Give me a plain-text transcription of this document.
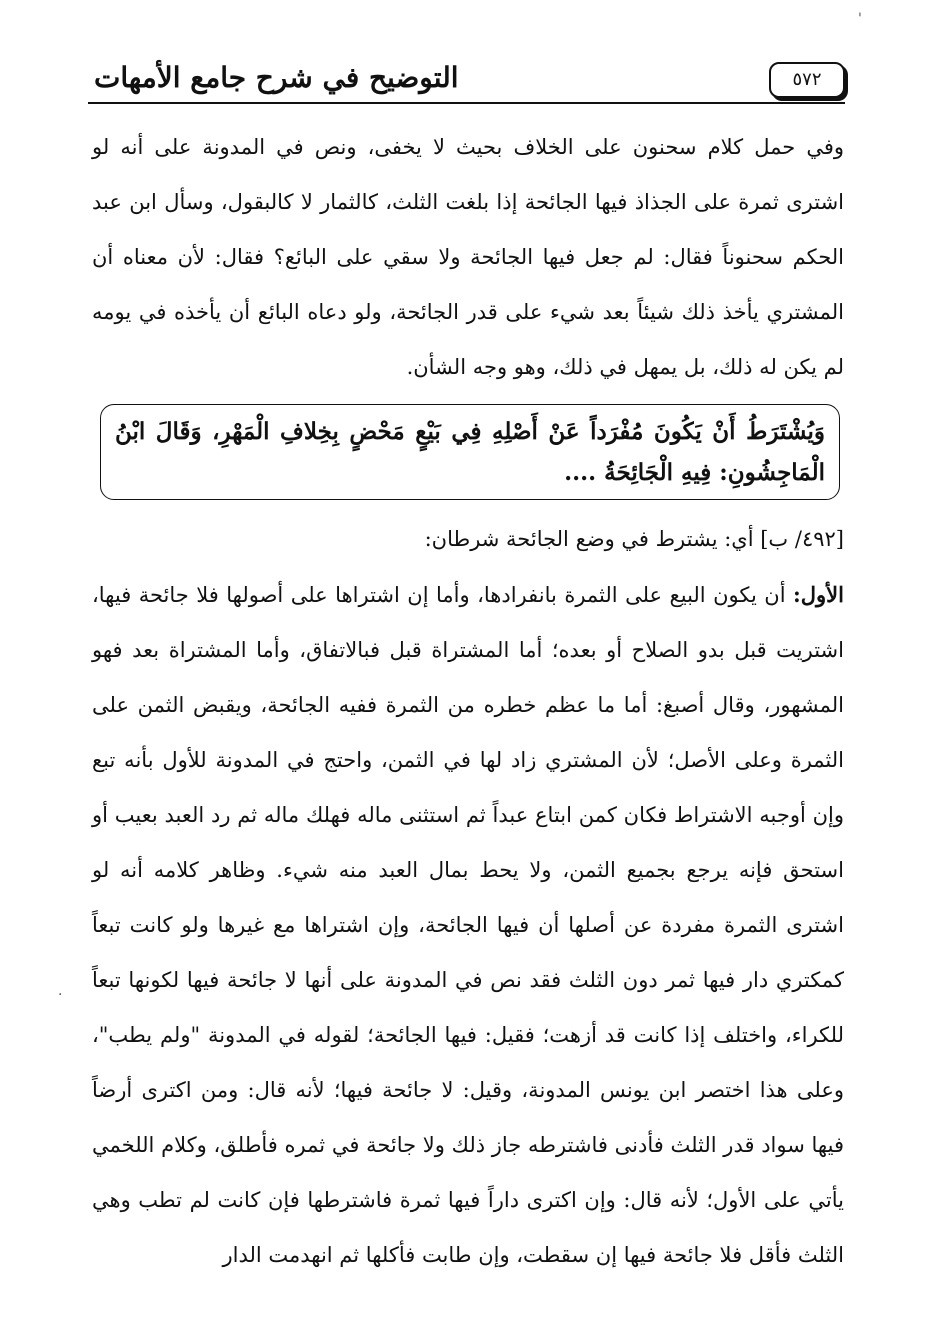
'
·
التوضيح في شرح جامع الأمهات	٥٧٢

وفي حمل كلام سحنون على الخلاف بحيث لا يخفى، ونص في المدونة على أنه لو اشترى ثمرة على الجذاذ فيها الجائحة إذا بلغت الثلث، كالثمار لا كالبقول، وسأل ابن عبد الحكم سحنوناً فقال: لم جعل فيها الجائحة ولا سقي على البائع؟ فقال: لأن معناه أن المشتري يأخذ ذلك شيئاً بعد شيء على قدر الجائحة، ولو دعاه البائع أن يأخذه في يومه لم يكن له ذلك، بل يمهل في ذلك، وهو وجه الشأن.

وَيُشْتَرَطُ أَنْ يَكُونَ مُفْرَداً عَنْ أَصْلِهِ فِي بَيْعٍ مَحْضٍ بِخِلافِ الْمَهْرِ، وَقَالَ ابْنُ الْمَاجِشُونِ: فِيهِ الْجَائِحَةُ ....

[٤٩٢/ ب] أي: يشترط في وضع الجائحة شرطان:

الأول: أن يكون البيع على الثمرة بانفرادها، وأما إن اشتراها على أصولها فلا جائحة فيها، اشتريت قبل بدو الصلاح أو بعده؛ أما المشتراة قبل فبالاتفاق، وأما المشتراة بعد فهو المشهور، وقال أصبغ: أما ما عظم خطره من الثمرة ففيه الجائحة، ويقبض الثمن على الثمرة وعلى الأصل؛ لأن المشتري زاد لها في الثمن، واحتج في المدونة للأول بأنه تبع وإن أوجبه الاشتراط فكان كمن ابتاع عبداً ثم استثنى ماله فهلك ماله ثم رد العبد بعيب أو استحق فإنه يرجع بجميع الثمن، ولا يحط بمال العبد منه شيء. وظاهر كلامه أنه لو اشترى الثمرة مفردة عن أصلها أن فيها الجائحة، وإن اشتراها مع غيرها ولو كانت تبعاً كمكتري دار فيها ثمر دون الثلث فقد نص في المدونة على أنها لا جائحة فيها لكونها تبعاً للكراء، واختلف إذا كانت قد أزهت؛ فقيل: فيها الجائحة؛ لقوله في المدونة "ولم يطب"، وعلى هذا اختصر ابن يونس المدونة، وقيل: لا جائحة فيها؛ لأنه قال: ومن اكترى أرضاً فيها سواد قدر الثلث فأدنى فاشترطه جاز ذلك ولا جائحة في ثمره فأطلق، وكلام اللخمي يأتي على الأول؛ لأنه قال: وإن اكترى داراً فيها ثمرة فاشترطها فإن كانت لم تطب وهي الثلث فأقل فلا جائحة فيها إن سقطت، وإن طابت فأكلها ثم انهدمت الدار
